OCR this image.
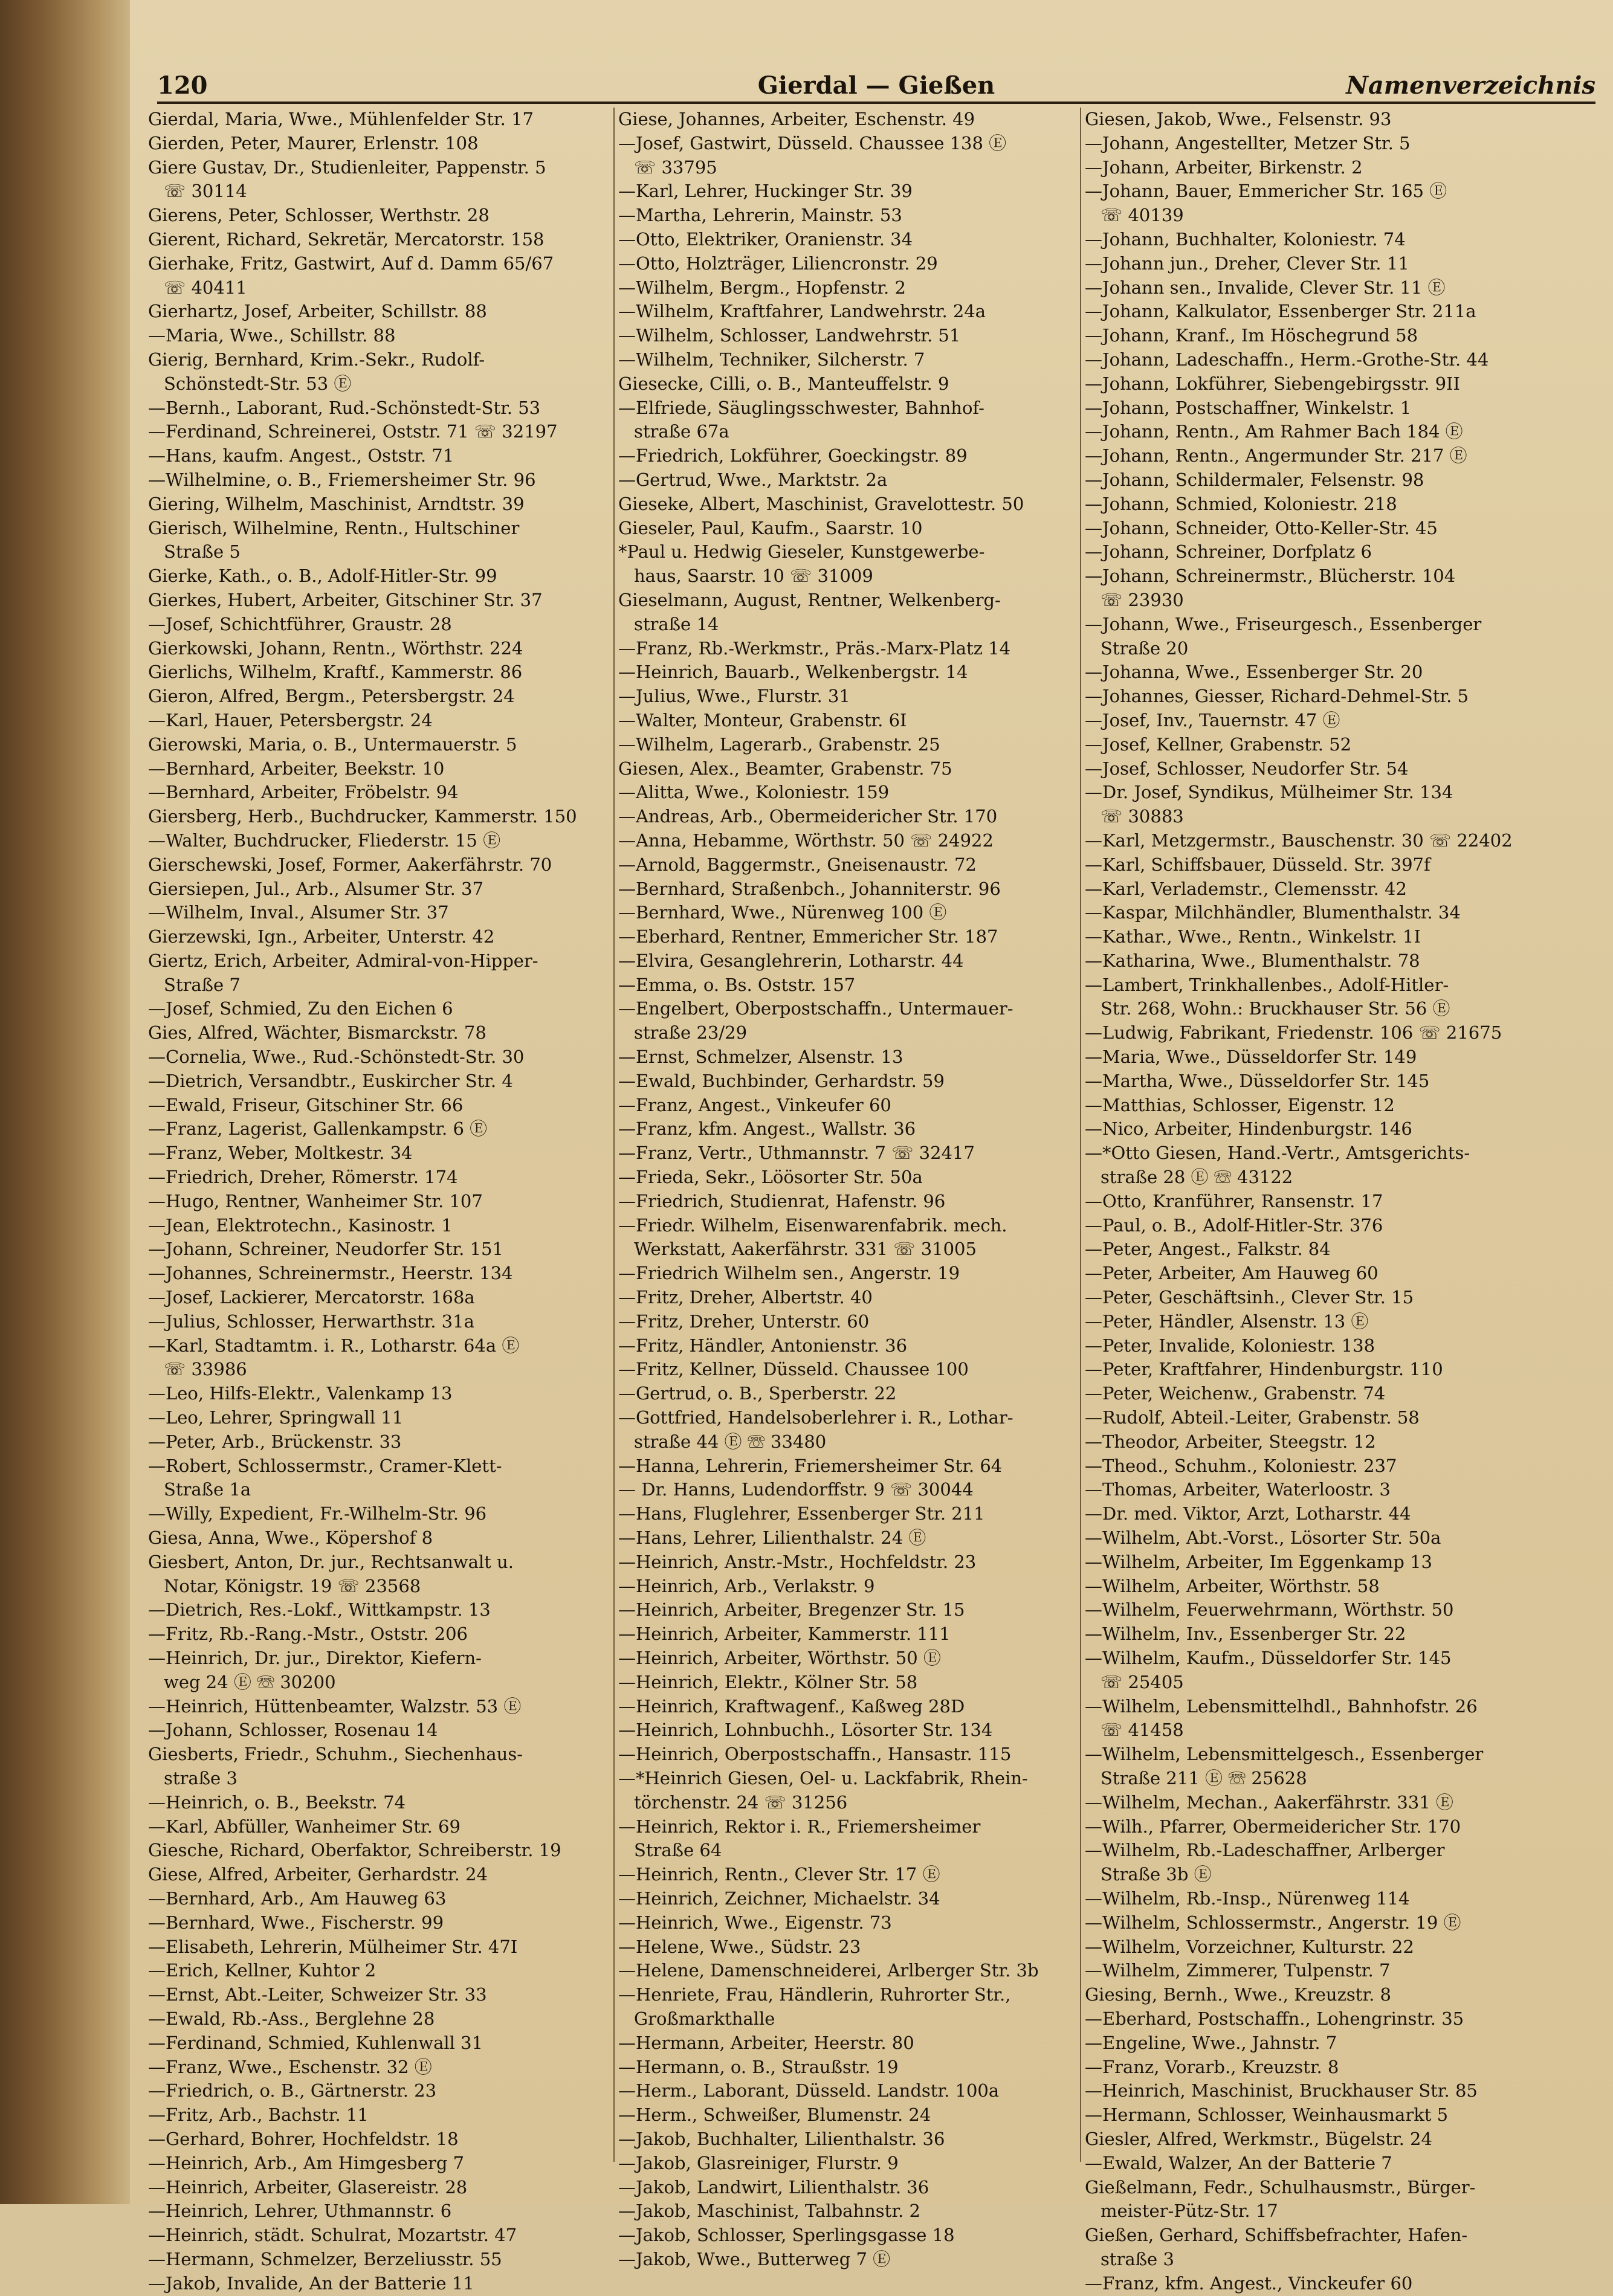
120	Gierdal — Gießen	Namenverzeichnis
Gierdal, Maria, Wwe., Mühlenfelder Str. 17
Gierden, Peter, Maurer, Erlenstr. 108
Giere Gustav, Dr., Studienleiter, Pappenstr. 5
☏ 30114
Gierens, Peter, Schlosser, Werthstr. 28
Gierent, Richard, Sekretär, Mercatorstr. 158
Gierhake, Fritz, Gastwirt, Auf d. Damm 65/67
☏ 40411
Gierhartz, Josef, Arbeiter, Schillstr. 88
—Maria, Wwe., Schillstr. 88
Gierig, Bernhard, Krim.-Sekr., Rudolf-
Schönstedt-Str. 53 Ⓔ
—Bernh., Laborant, Rud.-Schönstedt-Str. 53
—Ferdinand, Schreinerei, Oststr. 71 ☏ 32197
—Hans, kaufm. Angest., Oststr. 71
—Wilhelmine, o. B., Friemersheimer Str. 96
Giering, Wilhelm, Maschinist, Arndtstr. 39
Gierisch, Wilhelmine, Rentn., Hultschiner
Straße 5
Gierke, Kath., o. B., Adolf-Hitler-Str. 99
Gierkes, Hubert, Arbeiter, Gitschiner Str. 37
—Josef, Schichtführer, Graustr. 28
Gierkowski, Johann, Rentn., Wörthstr. 224
Gierlichs, Wilhelm, Kraftf., Kammerstr. 86
Gieron, Alfred, Bergm., Petersbergstr. 24
—Karl, Hauer, Petersbergstr. 24
Gierowski, Maria, o. B., Untermauerstr. 5
—Bernhard, Arbeiter, Beekstr. 10
—Bernhard, Arbeiter, Fröbelstr. 94
Giersberg, Herb., Buchdrucker, Kammerstr. 150
—Walter, Buchdrucker, Fliederstr. 15 Ⓔ
Gierschewski, Josef, Former, Aakerfährstr. 70
Giersiepen, Jul., Arb., Alsumer Str. 37
—Wilhelm, Inval., Alsumer Str. 37
Gierzewski, Ign., Arbeiter, Unterstr. 42
Giertz, Erich, Arbeiter, Admiral-von-Hipper-
Straße 7
—Josef, Schmied, Zu den Eichen 6
Gies, Alfred, Wächter, Bismarckstr. 78
—Cornelia, Wwe., Rud.-Schönstedt-Str. 30
—Dietrich, Versandbtr., Euskircher Str. 4
—Ewald, Friseur, Gitschiner Str. 66
—Franz, Lagerist, Gallenkampstr. 6 Ⓔ
—Franz, Weber, Moltkestr. 34
—Friedrich, Dreher, Römerstr. 174
—Hugo, Rentner, Wanheimer Str. 107
—Jean, Elektrotechn., Kasinostr. 1
—Johann, Schreiner, Neudorfer Str. 151
—Johannes, Schreinermstr., Heerstr. 134
—Josef, Lackierer, Mercatorstr. 168a
—Julius, Schlosser, Herwarthstr. 31a
—Karl, Stadtamtm. i. R., Lotharstr. 64a Ⓔ
☏ 33986
—Leo, Hilfs-Elektr., Valenkamp 13
—Leo, Lehrer, Springwall 11
—Peter, Arb., Brückenstr. 33
—Robert, Schlossermstr., Cramer-Klett-
Straße 1a
—Willy, Expedient, Fr.-Wilhelm-Str. 96
Giesa, Anna, Wwe., Köpershof 8
Giesbert, Anton, Dr. jur., Rechtsanwalt u.
Notar, Königstr. 19 ☏ 23568
—Dietrich, Res.-Lokf., Wittkampstr. 13
—Fritz, Rb.-Rang.-Mstr., Oststr. 206
—Heinrich, Dr. jur., Direktor, Kiefern-
weg 24 Ⓔ ☏ 30200
—Heinrich, Hüttenbeamter, Walzstr. 53 Ⓔ
—Johann, Schlosser, Rosenau 14
Giesberts, Friedr., Schuhm., Siechenhaus-
straße 3
—Heinrich, o. B., Beekstr. 74
—Karl, Abfüller, Wanheimer Str. 69
Giesche, Richard, Oberfaktor, Schreiberstr. 19
Giese, Alfred, Arbeiter, Gerhardstr. 24
—Bernhard, Arb., Am Hauweg 63
—Bernhard, Wwe., Fischerstr. 99
—Elisabeth, Lehrerin, Mülheimer Str. 47I
—Erich, Kellner, Kuhtor 2
—Ernst, Abt.-Leiter, Schweizer Str. 33
—Ewald, Rb.-Ass., Berglehne 28
—Ferdinand, Schmied, Kuhlenwall 31
—Franz, Wwe., Eschenstr. 32 Ⓔ
—Friedrich, o. B., Gärtnerstr. 23
—Fritz, Arb., Bachstr. 11
—Gerhard, Bohrer, Hochfeldstr. 18
—Heinrich, Arb., Am Himgesberg 7
—Heinrich, Arbeiter, Glasereistr. 28
—Heinrich, Lehrer, Uthmannstr. 6
—Heinrich, städt. Schulrat, Mozartstr. 47
—Hermann, Schmelzer, Berzeliusstr. 55
—Jakob, Invalide, An der Batterie 11
Giese, Johannes, Arbeiter, Eschenstr. 49
—Josef, Gastwirt, Düsseld. Chaussee 138 Ⓔ
☏ 33795
—Karl, Lehrer, Huckinger Str. 39
—Martha, Lehrerin, Mainstr. 53
—Otto, Elektriker, Oranienstr. 34
—Otto, Holzträger, Liliencronstr. 29
—Wilhelm, Bergm., Hopfenstr. 2
—Wilhelm, Kraftfahrer, Landwehrstr. 24a
—Wilhelm, Schlosser, Landwehrstr. 51
—Wilhelm, Techniker, Silcherstr. 7
Giesecke, Cilli, o. B., Manteuffelstr. 9
—Elfriede, Säuglingsschwester, Bahnhof-
straße 67a
—Friedrich, Lokführer, Goeckingstr. 89
—Gertrud, Wwe., Marktstr. 2a
Gieseke, Albert, Maschinist, Gravelottestr. 50
Gieseler, Paul, Kaufm., Saarstr. 10
*Paul u. Hedwig Gieseler, Kunstgewerbe-
haus, Saarstr. 10 ☏ 31009
Gieselmann, August, Rentner, Welkenberg-
straße 14
—Franz, Rb.-Werkmstr., Präs.-Marx-Platz 14
—Heinrich, Bauarb., Welkenbergstr. 14
—Julius, Wwe., Flurstr. 31
—Walter, Monteur, Grabenstr. 6I
—Wilhelm, Lagerarb., Grabenstr. 25
Giesen, Alex., Beamter, Grabenstr. 75
—Alitta, Wwe., Koloniestr. 159
—Andreas, Arb., Obermeidericher Str. 170
—Anna, Hebamme, Wörthstr. 50 ☏ 24922
—Arnold, Baggermstr., Gneisenaustr. 72
—Bernhard, Straßenbch., Johanniterstr. 96
—Bernhard, Wwe., Nürenweg 100 Ⓔ
—Eberhard, Rentner, Emmericher Str. 187
—Elvira, Gesanglehrerin, Lotharstr. 44
—Emma, o. Bs. Oststr. 157
—Engelbert, Oberpostschaffn., Untermauer-
straße 23/29
—Ernst, Schmelzer, Alsenstr. 13
—Ewald, Buchbinder, Gerhardstr. 59
—Franz, Angest., Vinkeufer 60
—Franz, kfm. Angest., Wallstr. 36
—Franz, Vertr., Uthmannstr. 7 ☏ 32417
—Frieda, Sekr., Löösorter Str. 50a
—Friedrich, Studienrat, Hafenstr. 96
—Friedr. Wilhelm, Eisenwarenfabrik. mech.
Werkstatt, Aakerfährstr. 331 ☏ 31005
—Friedrich Wilhelm sen., Angerstr. 19
—Fritz, Dreher, Albertstr. 40
—Fritz, Dreher, Unterstr. 60
—Fritz, Händler, Antonienstr. 36
—Fritz, Kellner, Düsseld. Chaussee 100
—Gertrud, o. B., Sperberstr. 22
—Gottfried, Handelsoberlehrer i. R., Lothar-
straße 44 Ⓔ ☏ 33480
—Hanna, Lehrerin, Friemersheimer Str. 64
— Dr. Hanns, Ludendorffstr. 9 ☏ 30044
—Hans, Fluglehrer, Essenberger Str. 211
—Hans, Lehrer, Lilienthalstr. 24 Ⓔ
—Heinrich, Anstr.-Mstr., Hochfeldstr. 23
—Heinrich, Arb., Verlakstr. 9
—Heinrich, Arbeiter, Bregenzer Str. 15
—Heinrich, Arbeiter, Kammerstr. 111
—Heinrich, Arbeiter, Wörthstr. 50 Ⓔ
—Heinrich, Elektr., Kölner Str. 58
—Heinrich, Kraftwagenf., Kaßweg 28D
—Heinrich, Lohnbuchh., Lösorter Str. 134
—Heinrich, Oberpostschaffn., Hansastr. 115
—*Heinrich Giesen, Oel- u. Lackfabrik, Rhein-
törchenstr. 24 ☏ 31256
—Heinrich, Rektor i. R., Friemersheimer
Straße 64
—Heinrich, Rentn., Clever Str. 17 Ⓔ
—Heinrich, Zeichner, Michaelstr. 34
—Heinrich, Wwe., Eigenstr. 73
—Helene, Wwe., Südstr. 23
—Helene, Damenschneiderei, Arlberger Str. 3b
—Henriete, Frau, Händlerin, Ruhrorter Str.,
Großmarkthalle
—Hermann, Arbeiter, Heerstr. 80
—Hermann, o. B., Straußstr. 19
—Herm., Laborant, Düsseld. Landstr. 100a
—Herm., Schweißer, Blumenstr. 24
—Jakob, Buchhalter, Lilienthalstr. 36
—Jakob, Glasreiniger, Flurstr. 9
—Jakob, Landwirt, Lilienthalstr. 36
—Jakob, Maschinist, Talbahnstr. 2
—Jakob, Schlosser, Sperlingsgasse 18
—Jakob, Wwe., Butterweg 7 Ⓔ
Giesen, Jakob, Wwe., Felsenstr. 93
—Johann, Angestellter, Metzer Str. 5
—Johann, Arbeiter, Birkenstr. 2
—Johann, Bauer, Emmericher Str. 165 Ⓔ
☏ 40139
—Johann, Buchhalter, Koloniestr. 74
—Johann jun., Dreher, Clever Str. 11
—Johann sen., Invalide, Clever Str. 11 Ⓔ
—Johann, Kalkulator, Essenberger Str. 211a
—Johann, Kranf., Im Höschegrund 58
—Johann, Ladeschaffn., Herm.-Grothe-Str. 44
—Johann, Lokführer, Siebengebirgsstr. 9II
—Johann, Postschaffner, Winkelstr. 1
—Johann, Rentn., Am Rahmer Bach 184 Ⓔ
—Johann, Rentn., Angermunder Str. 217 Ⓔ
—Johann, Schildermaler, Felsenstr. 98
—Johann, Schmied, Koloniestr. 218
—Johann, Schneider, Otto-Keller-Str. 45
—Johann, Schreiner, Dorfplatz 6
—Johann, Schreinermstr., Blücherstr. 104
☏ 23930
—Johann, Wwe., Friseurgesch., Essenberger
Straße 20
—Johanna, Wwe., Essenberger Str. 20
—Johannes, Giesser, Richard-Dehmel-Str. 5
—Josef, Inv., Tauernstr. 47 Ⓔ
—Josef, Kellner, Grabenstr. 52
—Josef, Schlosser, Neudorfer Str. 54
—Dr. Josef, Syndikus, Mülheimer Str. 134
☏ 30883
—Karl, Metzgermstr., Bauschenstr. 30 ☏ 22402
—Karl, Schiffsbauer, Düsseld. Str. 397f
—Karl, Verlademstr., Clemensstr. 42
—Kaspar, Milchhändler, Blumenthalstr. 34
—Kathar., Wwe., Rentn., Winkelstr. 1I
—Katharina, Wwe., Blumenthalstr. 78
—Lambert, Trinkhallenbes., Adolf-Hitler-
Str. 268, Wohn.: Bruckhauser Str. 56 Ⓔ
—Ludwig, Fabrikant, Friedenstr. 106 ☏ 21675
—Maria, Wwe., Düsseldorfer Str. 149
—Martha, Wwe., Düsseldorfer Str. 145
—Matthias, Schlosser, Eigenstr. 12
—Nico, Arbeiter, Hindenburgstr. 146
—*Otto Giesen, Hand.-Vertr., Amtsgerichts-
straße 28 Ⓔ ☏ 43122
—Otto, Kranführer, Ransenstr. 17
—Paul, o. B., Adolf-Hitler-Str. 376
—Peter, Angest., Falkstr. 84
—Peter, Arbeiter, Am Hauweg 60
—Peter, Geschäftsinh., Clever Str. 15
—Peter, Händler, Alsenstr. 13 Ⓔ
—Peter, Invalide, Koloniestr. 138
—Peter, Kraftfahrer, Hindenburgstr. 110
—Peter, Weichenw., Grabenstr. 74
—Rudolf, Abteil.-Leiter, Grabenstr. 58
—Theodor, Arbeiter, Steegstr. 12
—Theod., Schuhm., Koloniestr. 237
—Thomas, Arbeiter, Waterloostr. 3
—Dr. med. Viktor, Arzt, Lotharstr. 44
—Wilhelm, Abt.-Vorst., Lösorter Str. 50a
—Wilhelm, Arbeiter, Im Eggenkamp 13
—Wilhelm, Arbeiter, Wörthstr. 58
—Wilhelm, Feuerwehrmann, Wörthstr. 50
—Wilhelm, Inv., Essenberger Str. 22
—Wilhelm, Kaufm., Düsseldorfer Str. 145
☏ 25405
—Wilhelm, Lebensmittelhdl., Bahnhofstr. 26
☏ 41458
—Wilhelm, Lebensmittelgesch., Essenberger
Straße 211 Ⓔ ☏ 25628
—Wilhelm, Mechan., Aakerfährstr. 331 Ⓔ
—Wilh., Pfarrer, Obermeidericher Str. 170
—Wilhelm, Rb.-Ladeschaffner, Arlberger
Straße 3b Ⓔ
—Wilhelm, Rb.-Insp., Nürenweg 114
—Wilhelm, Schlossermstr., Angerstr. 19 Ⓔ
—Wilhelm, Vorzeichner, Kulturstr. 22
—Wilhelm, Zimmerer, Tulpenstr. 7
Giesing, Bernh., Wwe., Kreuzstr. 8
—Eberhard, Postschaffn., Lohengrinstr. 35
—Engeline, Wwe., Jahnstr. 7
—Franz, Vorarb., Kreuzstr. 8
—Heinrich, Maschinist, Bruckhauser Str. 85
—Hermann, Schlosser, Weinhausmarkt 5
Giesler, Alfred, Werkmstr., Bügelstr. 24
—Ewald, Walzer, An der Batterie 7
Gießelmann, Fedr., Schulhausmstr., Bürger-
meister-Pütz-Str. 17
Gießen, Gerhard, Schiffsbefrachter, Hafen-
straße 3
—Franz, kfm. Angest., Vinckeufer 60
